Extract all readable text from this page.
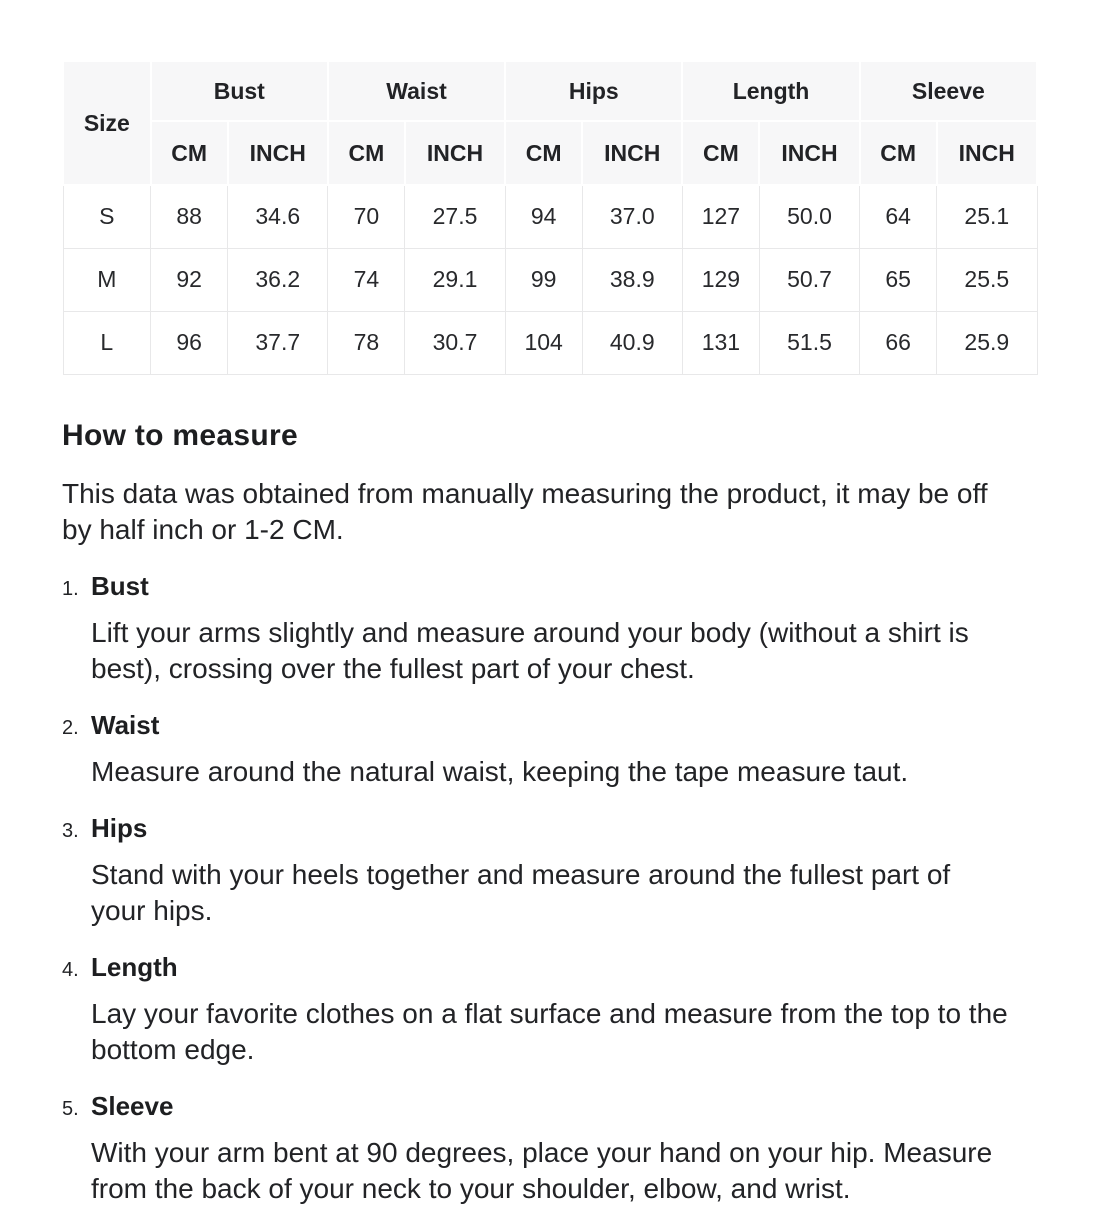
Size	Bust		Waist		Hips		Length		Sleeve	
	CM	INCH	CM	INCH	CM	INCH	CM	INCH	CM	INCH
S	88	34.6	70	27.5	94	37.0	127	50.0	64	25.1
M	92	36.2	74	29.1	99	38.9	129	50.7	65	25.5
L	96	37.7	78	30.7	104	40.9	131	51.5	66	25.9
How to measure

This data was obtained from manually measuring the product, it may be off by half inch or 1-2 CM.

1. Bust

Lift your arms slightly and measure around your body (without a shirt is best), crossing over the fullest part of your chest.

2. Waist

Measure around the natural waist, keeping the tape measure taut.

3. Hips

Stand with your heels together and measure around the fullest part of your hips.

4. Length

Lay your favorite clothes on a flat surface and measure from the top to the bottom edge.

5. Sleeve

With your arm bent at 90 degrees, place your hand on your hip. Measure from the back of your neck to your shoulder, elbow, and wrist.
